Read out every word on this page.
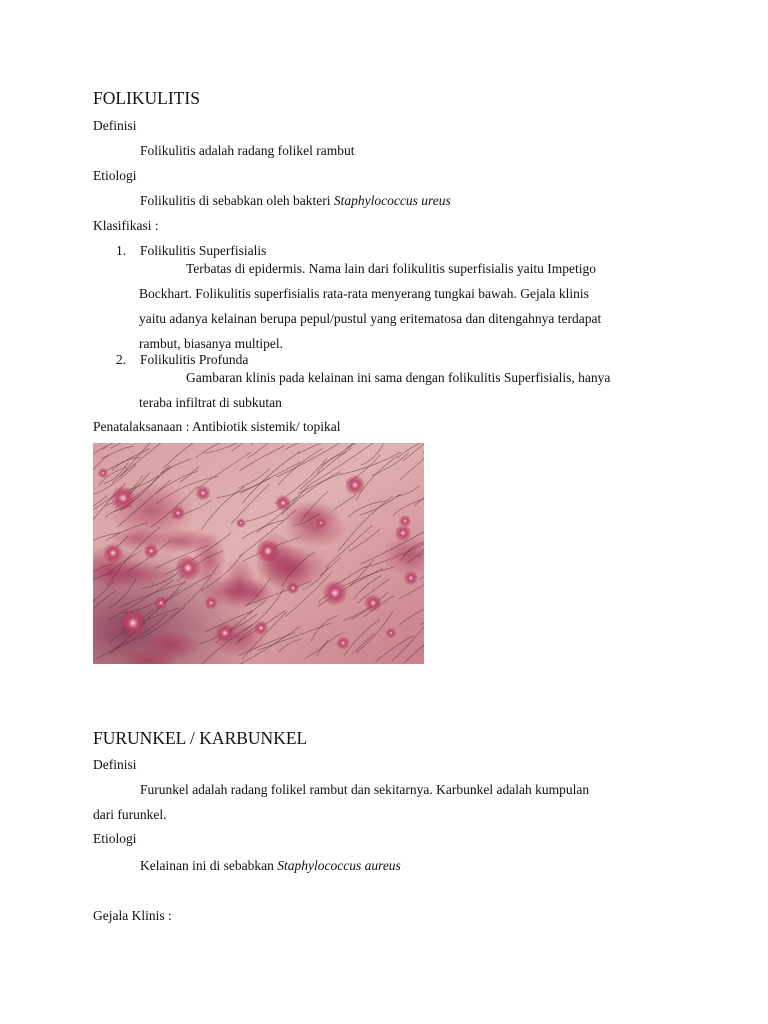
FOLIKULITIS
Definisi
Folikulitis adalah radang folikel rambut
Etiologi
Folikulitis di sebabkan oleh bakteri Staphylococcus ureus
Klasifikasi :
1. Folikulitis Superfisialis
Terbatas di epidermis. Nama lain dari folikulitis superfisialis yaitu Impetigo
Bockhart. Folikulitis superfisialis rata-rata menyerang tungkai bawah. Gejala klinis
yaitu adanya kelainan berupa pepul/pustul yang eritematosa dan ditengahnya terdapat
rambut, biasanya multipel.
2. Folikulitis Profunda
Gambaran klinis pada kelainan ini sama dengan folikulitis Superfisialis, hanya
teraba infiltrat di subkutan
Penatalaksanaan : Antibiotik sistemik/ topikal
FURUNKEL / KARBUNKEL
Definisi
Furunkel adalah radang folikel rambut dan sekitarnya. Karbunkel adalah kumpulan
dari furunkel.
Etiologi
Kelainan ini di sebabkan Staphylococcus aureus
Gejala Klinis :
